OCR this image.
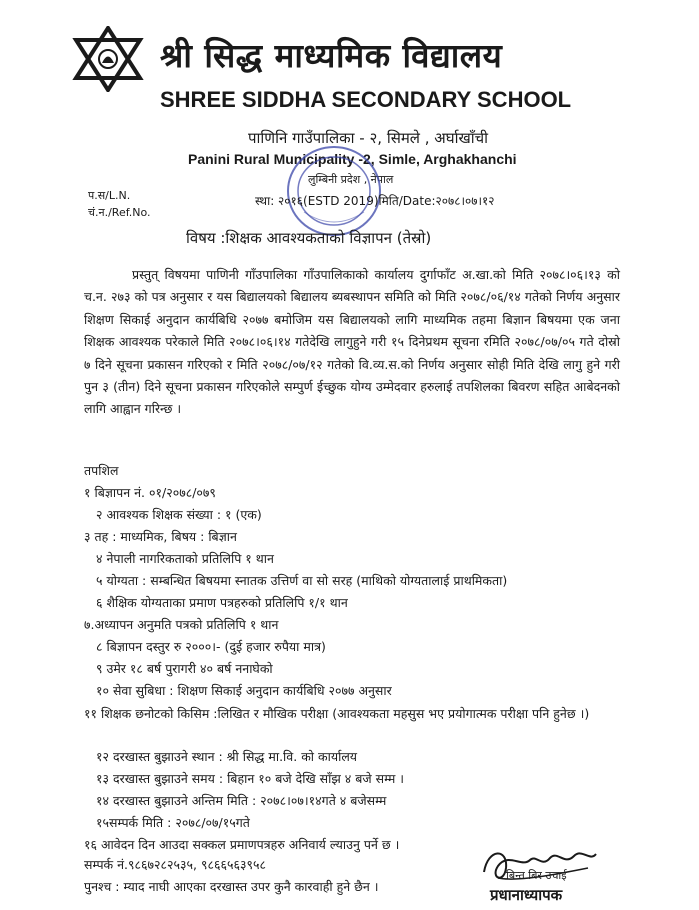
श्री सिद्ध माध्यमिक विद्यालय
SHREE SIDDHA SECONDARY SCHOOL
पाणिनि गाउँपालिका - २, सिमले , अर्घाखाँची
Panini Rural Municipality -2, Simle, Arghakhanchi
लुम्बिनी प्रदेश , नेपाल
प.स/L.N.
चं.न./Ref.No.
स्था: २०१६(ESTD 2019)मिति/Date:२०७८।०७।१२
विषय :शिक्षक आवश्यकताको विज्ञापन (तेस्रो)

प्रस्तुत् विषयमा पाणिनी गाँउपालिका गाँउपालिकाको कार्यालय दुर्गाफाँट अ.खा.को मिति २०७८।०६।१३ को च.न. २७३ को पत्र अनुसार र यस बिद्यालयको बिद्यालय ब्यबस्थापन समिति को मिति २०७८/०६/१४ गतेको निर्णय अनुसार शिक्षण सिकाई अनुदान कार्यबिधि २०७७ बमोजिम यस बिद्यालयको लागि माध्यमिक तहमा बिज्ञान बिषयमा एक जना शिक्षक आवश्यक परेकाले मिति २०७८।०६।१४ गतेदेखि लागुहुने गरी १५ दिनेप्रथम सूचना रमिति २०७८/०७/०५ गते दोस्रो ७ दिने सूचना प्रकासन गरिएको र मिति २०७८/०७/१२ गतेको वि.व्य.स.को निर्णय अनुसार सोही मिति देखि लागु हुने गरी पुन ३ (तीन) दिने सूचना प्रकासन गरिएकोले सम्पुर्ण ईच्छुक योग्य उम्मेदवार हरुलाई तपशिलका बिवरण सहित आबेदनको लागि आह्वान गरिन्छ ।

तपशिल
१ बिज्ञापन नं. ०१/२०७८/०७९
२ आवश्यक शिक्षक संख्या : १ (एक)
३ तह : माध्यमिक, बिषय : बिज्ञान
४ नेपाली नागरिकताको प्रतिलिपि १ थान
५ योग्यता : सम्बन्धित बिषयमा स्नातक उत्तिर्ण वा सो सरह (माथिको योग्यतालाई प्राथमिकता)
६ शैक्षिक योग्यताका प्रमाण पत्रहरुको प्रतिलिपि १/१ थान
७.अध्यापन अनुमति पत्रको प्रतिलिपि १ थान
८ बिज्ञापन दस्तुर रु २०००।- (दुई हजार रुपैया मात्र)
९ उमेर १८ बर्ष पुरागरी ४० बर्ष ननाघेको
१० सेवा सुबिधा : शिक्षण सिकाई अनुदान कार्यबिधि २०७७ अनुसार
११ शिक्षक छनोटको किसिम :लिखित र मौखिक परीक्षा (आवश्यकता महसुस भए प्रयोगात्मक परीक्षा पनि हुनेछ ।)
१२ दरखास्त बुझाउने स्थान : श्री सिद्ध मा.वि. को कार्यालय
१३ दरखास्त बुझाउने समय : बिहान १० बजे देखि साँझ ४ बजे सम्म ।
१४ दरखास्त बुझाउने अन्तिम मिति : २०७८।०७।१४गते ४ बजेसम्म
१५सम्पर्क मिति : २०७८/०७/१५गते
१६ आवेदन दिन आउदा सक्कल प्रमाणपत्रहरु अनिवार्य ल्याउनु पर्ने छ ।
सम्पर्क नं.९८६७२८२५३५, ९८६६५६३९५८
पुनश्च : म्याद नाघी आएका दरखास्त उपर कुनै कारवाही हुने छैन ।
बिन्त बिर उचाई
प्रधानाध्यापक
